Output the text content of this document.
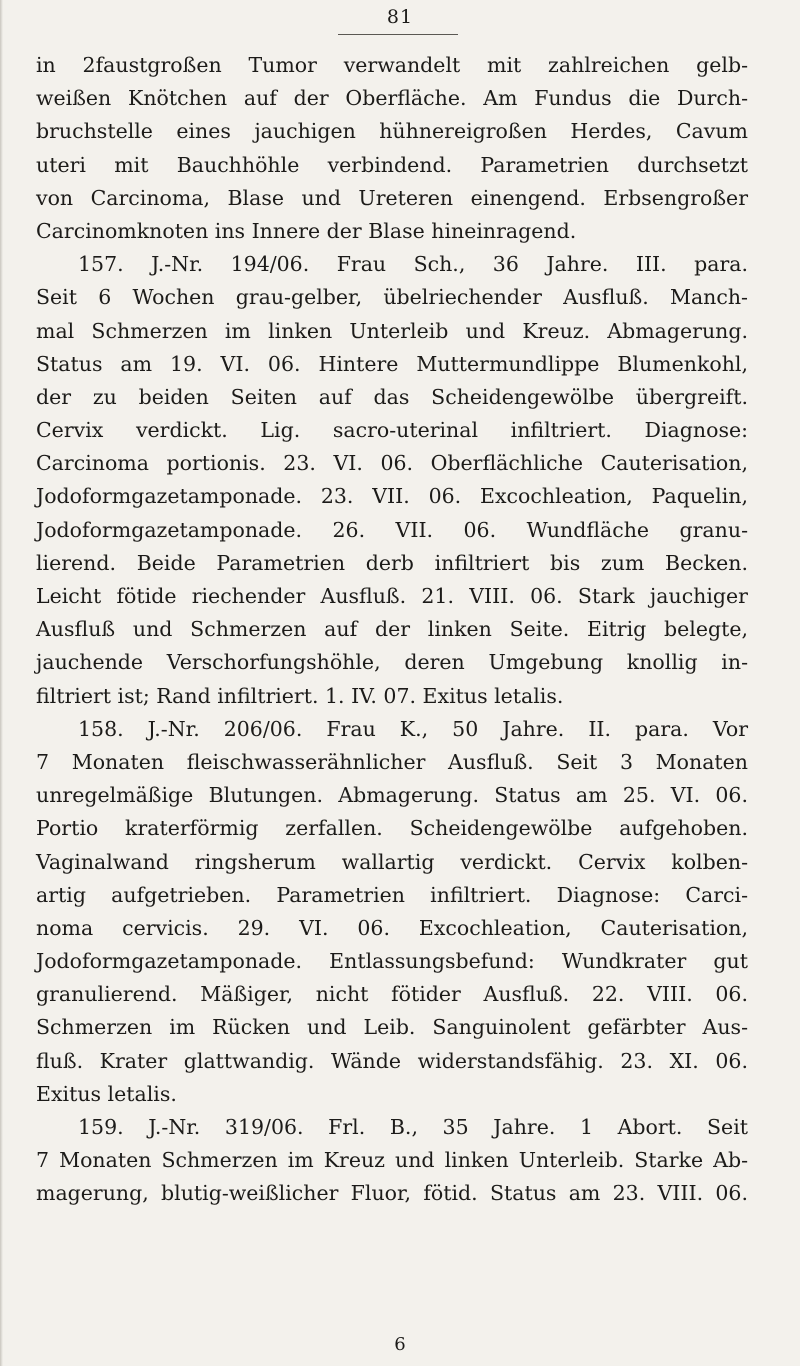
81
in 2faustgroßen Tumor verwandelt mit zahlreichen gelb-
weißen Knötchen auf der Oberfläche. Am Fundus die Durch-
bruchstelle eines jauchigen hühnereigroßen Herdes, Cavum
uteri mit Bauchhöhle verbindend. Parametrien durchsetzt
von Carcinoma, Blase und Ureteren einengend. Erbsengroßer
Carcinomknoten ins Innere der Blase hineinragend.
157. J.-Nr. 194/06. Frau Sch., 36 Jahre. III. para.
Seit 6 Wochen grau-gelber, übelriechender Ausfluß. Manch-
mal Schmerzen im linken Unterleib und Kreuz. Abmagerung.
Status am 19. VI. 06. Hintere Muttermundlippe Blumenkohl,
der zu beiden Seiten auf das Scheidengewölbe übergreift.
Cervix verdickt. Lig. sacro-uterinal infiltriert. Diagnose:
Carcinoma portionis. 23. VI. 06. Oberflächliche Cauterisation,
Jodoformgazetamponade. 23. VII. 06. Excochleation, Paquelin,
Jodoformgazetamponade. 26. VII. 06. Wundfläche granu-
lierend. Beide Parametrien derb infiltriert bis zum Becken.
Leicht fötide riechender Ausfluß. 21. VIII. 06. Stark jauchiger
Ausfluß und Schmerzen auf der linken Seite. Eitrig belegte,
jauchende Verschorfungshöhle, deren Umgebung knollig in-
filtriert ist; Rand infiltriert. 1. IV. 07. Exitus letalis.
158. J.-Nr. 206/06. Frau K., 50 Jahre. II. para. Vor
7 Monaten fleischwasserähnlicher Ausfluß. Seit 3 Monaten
unregelmäßige Blutungen. Abmagerung. Status am 25. VI. 06.
Portio kraterförmig zerfallen. Scheidengewölbe aufgehoben.
Vaginalwand ringsherum wallartig verdickt. Cervix kolben-
artig aufgetrieben. Parametrien infiltriert. Diagnose: Carci-
noma cervicis. 29. VI. 06. Excochleation, Cauterisation,
Jodoformgazetamponade. Entlassungsbefund: Wundkrater gut
granulierend. Mäßiger, nicht fötider Ausfluß. 22. VIII. 06.
Schmerzen im Rücken und Leib. Sanguinolent gefärbter Aus-
fluß. Krater glattwandig. Wände widerstandsfähig. 23. XI. 06.
Exitus letalis.
159. J.-Nr. 319/06. Frl. B., 35 Jahre. 1 Abort. Seit
7 Monaten Schmerzen im Kreuz und linken Unterleib. Starke Ab-
magerung, blutig-weißlicher Fluor, fötid. Status am 23. VIII. 06.
6
